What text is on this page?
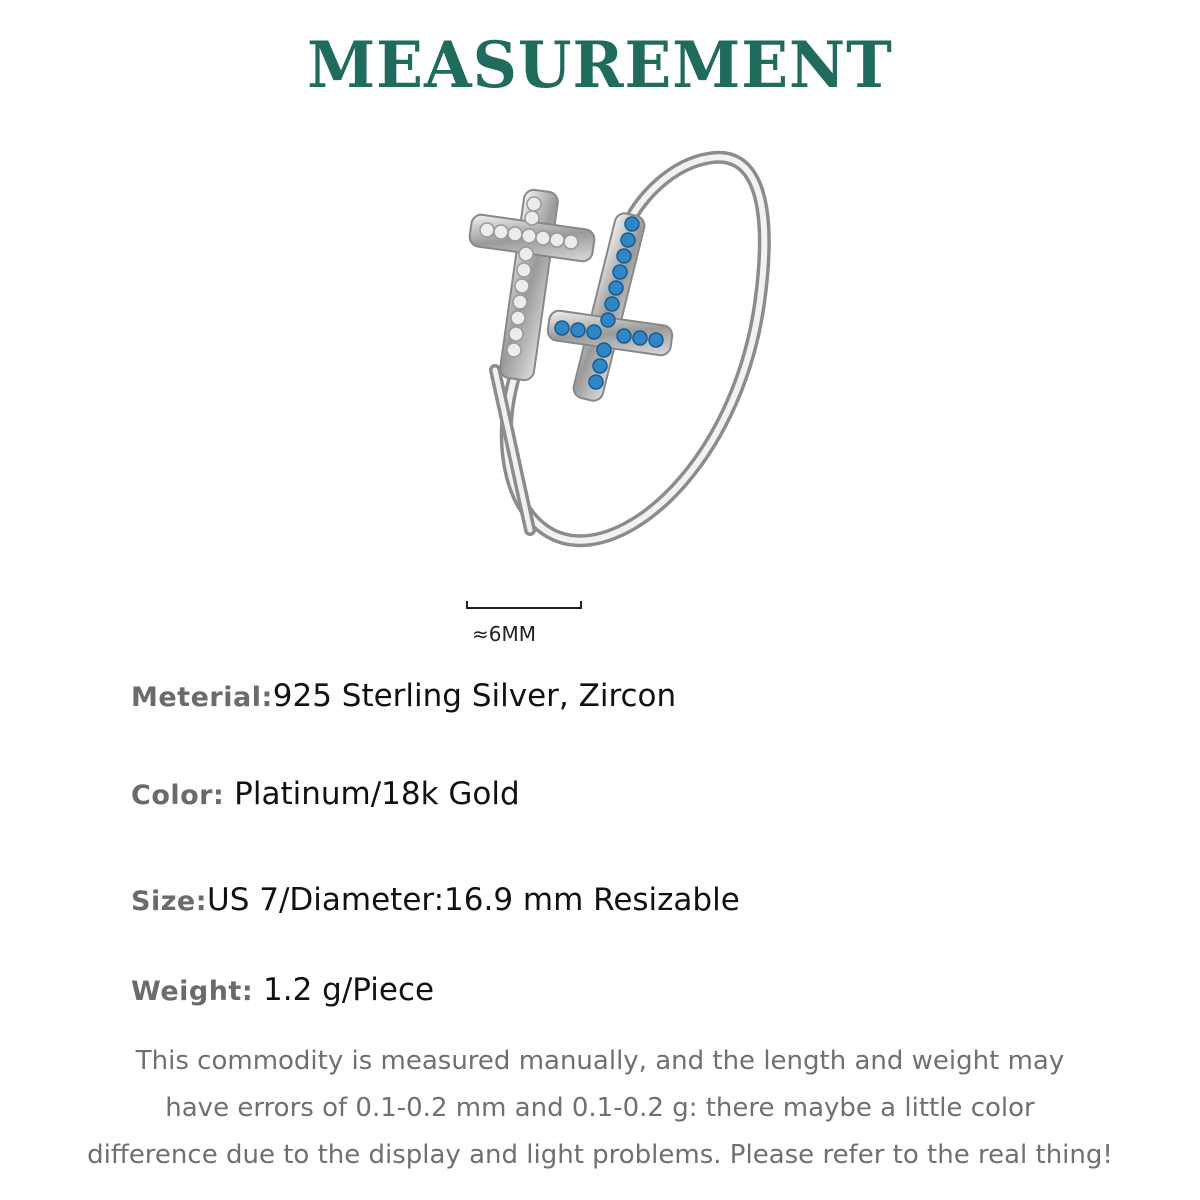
MEASUREMENT
≈6MM
Meterial:925 Sterling Silver, Zircon
Color: Platinum/18k Gold
Size:US 7/Diameter:16.9 mm Resizable
Weight: 1.2 g/Piece
This commodity is measured manually, and the length and weight may
have errors of 0.1-0.2 mm and 0.1-0.2 g: there maybe a little color
difference due to the display and light problems. Please refer to the real thing!
